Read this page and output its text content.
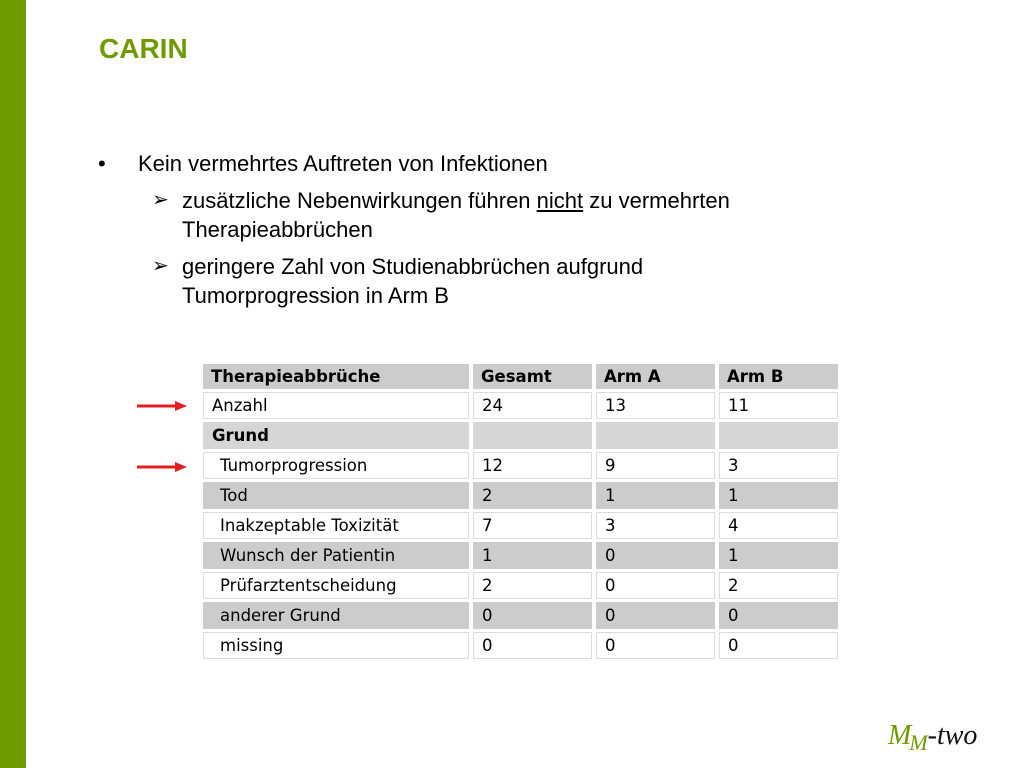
CARIN
• Kein vermehrtes Auftreten von Infektionen
➢ zusätzliche Nebenwirkungen führen nicht zu vermehrten Therapieabbrüchen
➢ geringere Zahl von Studienabbrüchen aufgrund Tumorprogression in Arm B
Therapieabbrüche	Gesamt	Arm A	Arm B
Anzahl	24	13	11
Grund			
Tumorprogression	12	9	3
Tod	2	1	1
Inakzeptable Toxizität	7	3	4
Wunsch der Patientin	1	0	1
Prüfarztentscheidung	2	0	2
anderer Grund	0	0	0
missing	0	0	0
$M_M$-two
